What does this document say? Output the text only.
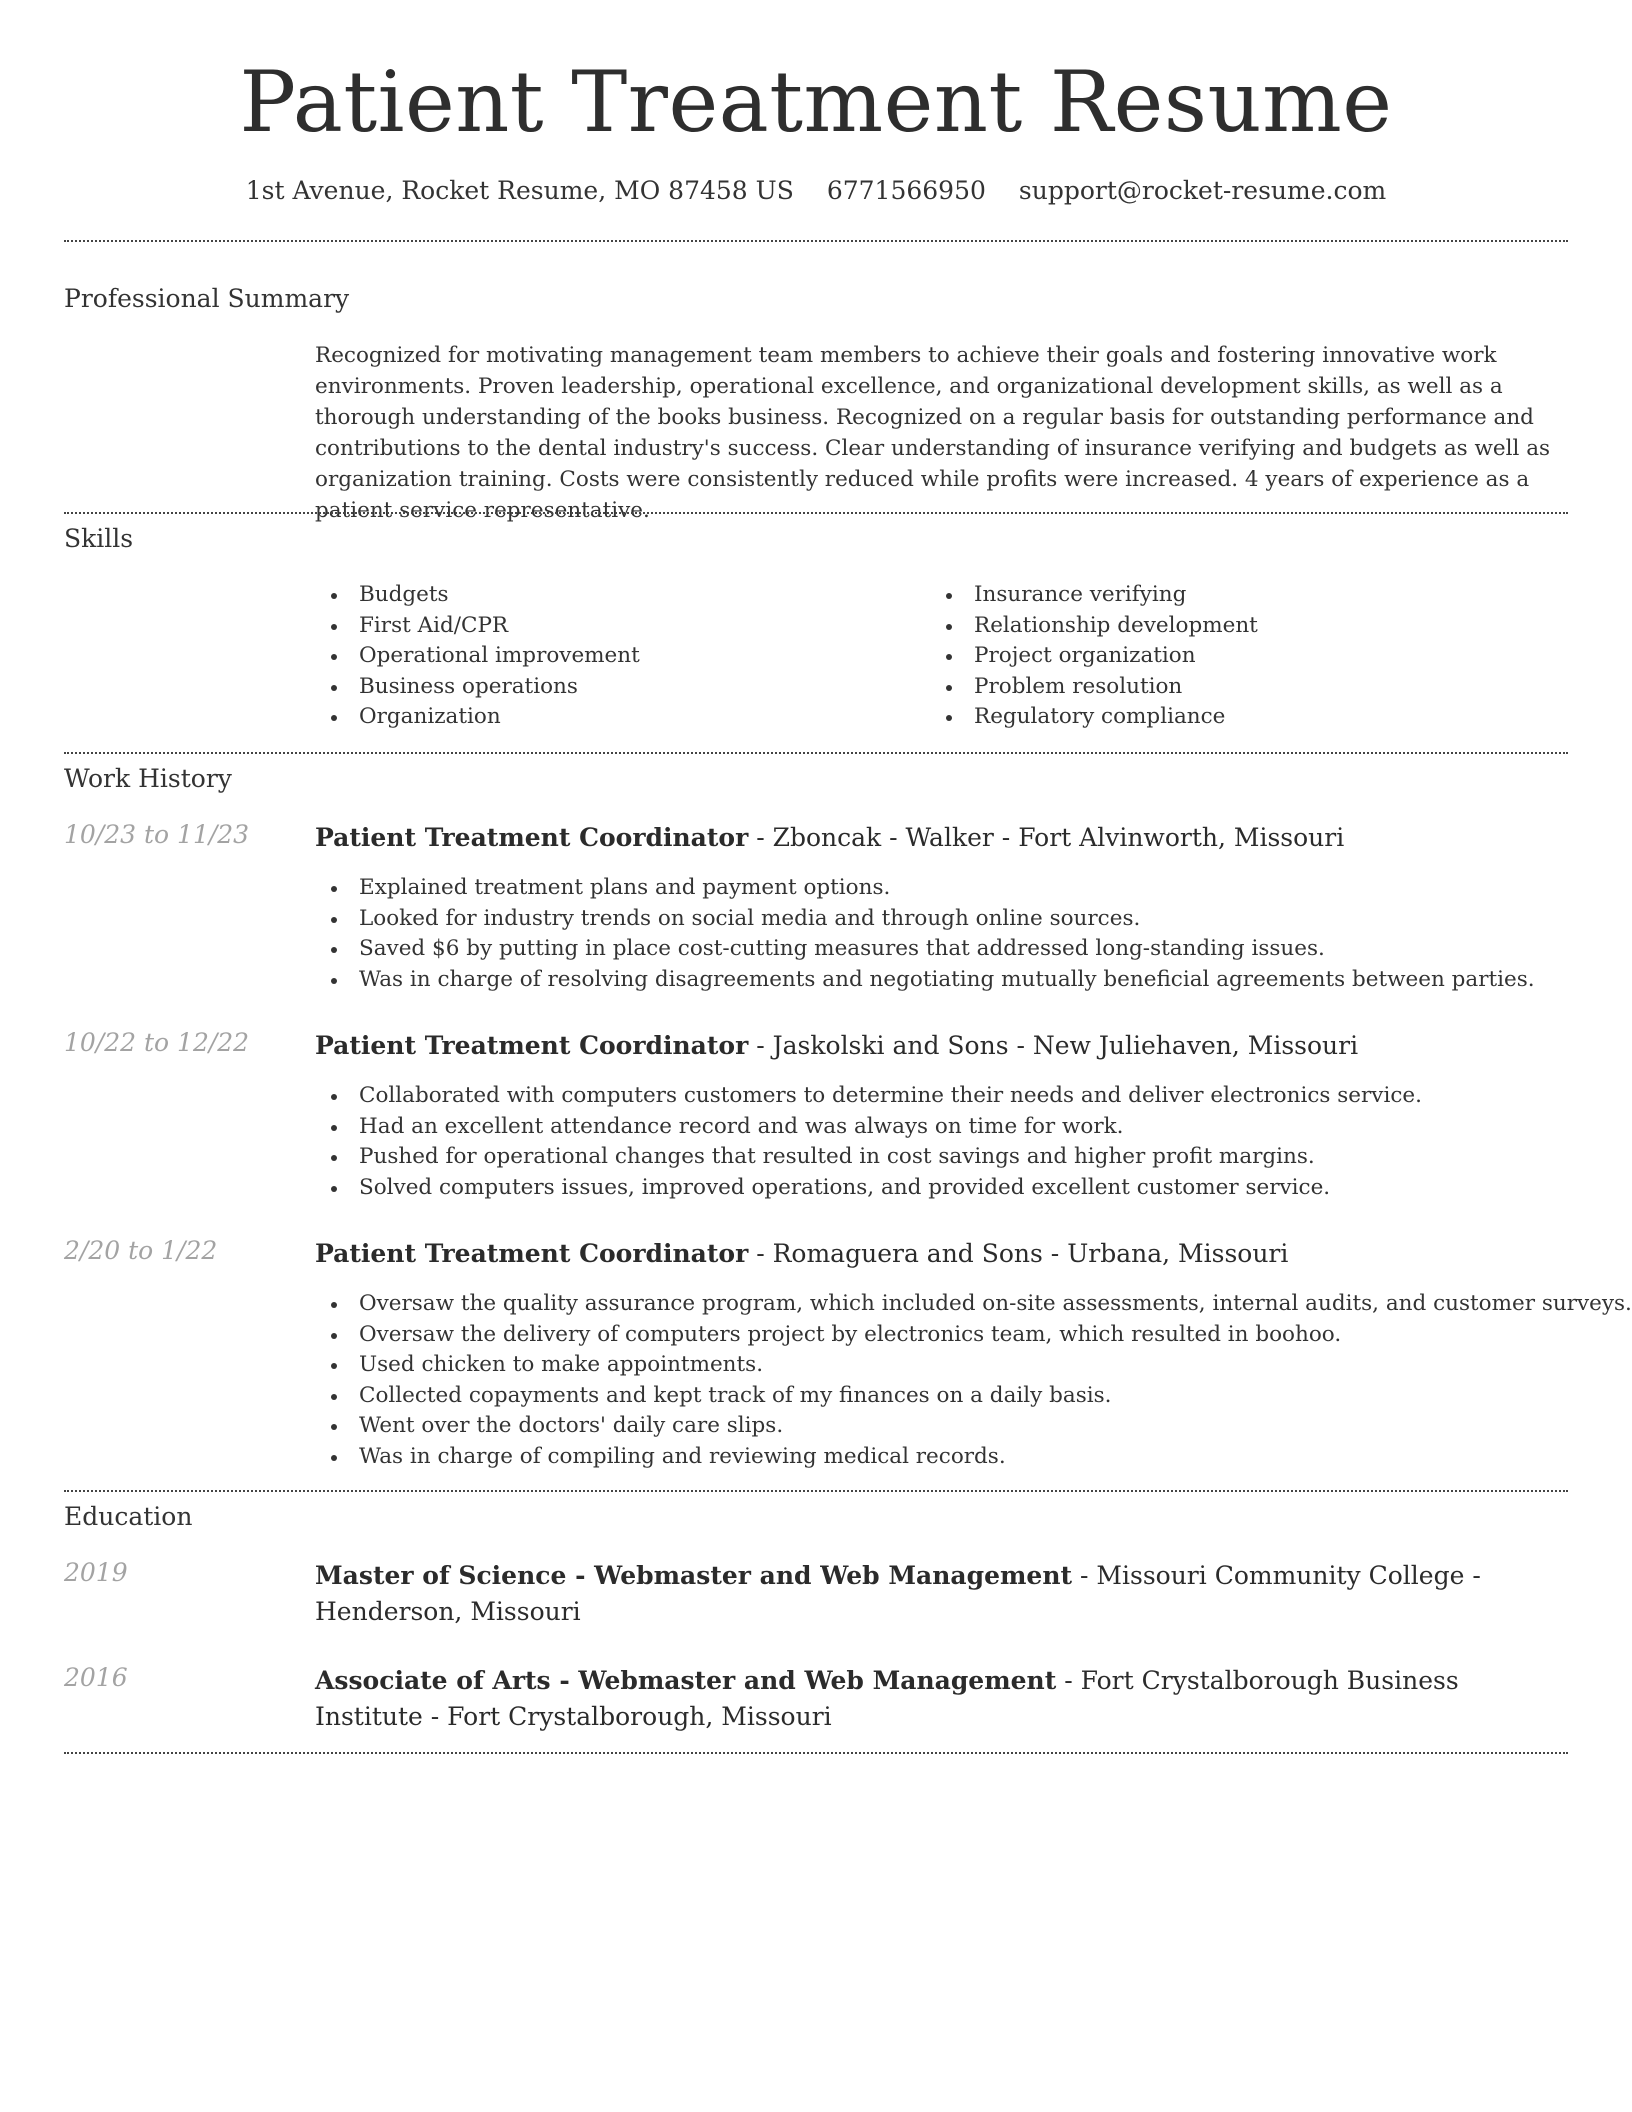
Patient Treatment Resume
1st Avenue, Rocket Resume, MO 87458 US 6771566950 support@rocket-resume.com
Professional Summary

Recognized for motivating management team members to achieve their goals and fostering innovative work environments. Proven leadership, operational excellence, and organizational development skills, as well as a thorough understanding of the books business. Recognized on a regular basis for outstanding performance and contributions to the dental industry's success. Clear understanding of insurance verifying and budgets as well as organization training. Costs were consistently reduced while profits were increased. 4 years of experience as a patient service representative.

Skills
Budgets
First Aid/CPR
Operational improvement
Business operations
Organization
Insurance verifying
Relationship development
Project organization
Problem resolution
Regulatory compliance
Work History
10/23 to 11/23	Patient Treatment Coordinator - Zboncak - Walker - Fort Alvinworth, Missouri
Explained treatment plans and payment options.
Looked for industry trends on social media and through online sources.
Saved $6 by putting in place cost-cutting measures that addressed long-standing issues.
Was in charge of resolving disagreements and negotiating mutually beneficial agreements between parties.
10/22 to 12/22	Patient Treatment Coordinator - Jaskolski and Sons - New Juliehaven, Missouri
Collaborated with computers customers to determine their needs and deliver electronics service.
Had an excellent attendance record and was always on time for work.
Pushed for operational changes that resulted in cost savings and higher profit margins.
Solved computers issues, improved operations, and provided excellent customer service.
2/20 to 1/22	Patient Treatment Coordinator - Romaguera and Sons - Urbana, Missouri
Oversaw the quality assurance program, which included on-site assessments, internal audits, and customer surveys.
Oversaw the delivery of computers project by electronics team, which resulted in boohoo.
Used chicken to make appointments.
Collected copayments and kept track of my finances on a daily basis.
Went over the doctors' daily care slips.
Was in charge of compiling and reviewing medical records.
Education
2019	Master of Science - Webmaster and Web Management - Missouri Community College - Henderson, Missouri
2016	Associate of Arts - Webmaster and Web Management - Fort Crystalborough Business Institute - Fort Crystalborough, Missouri
